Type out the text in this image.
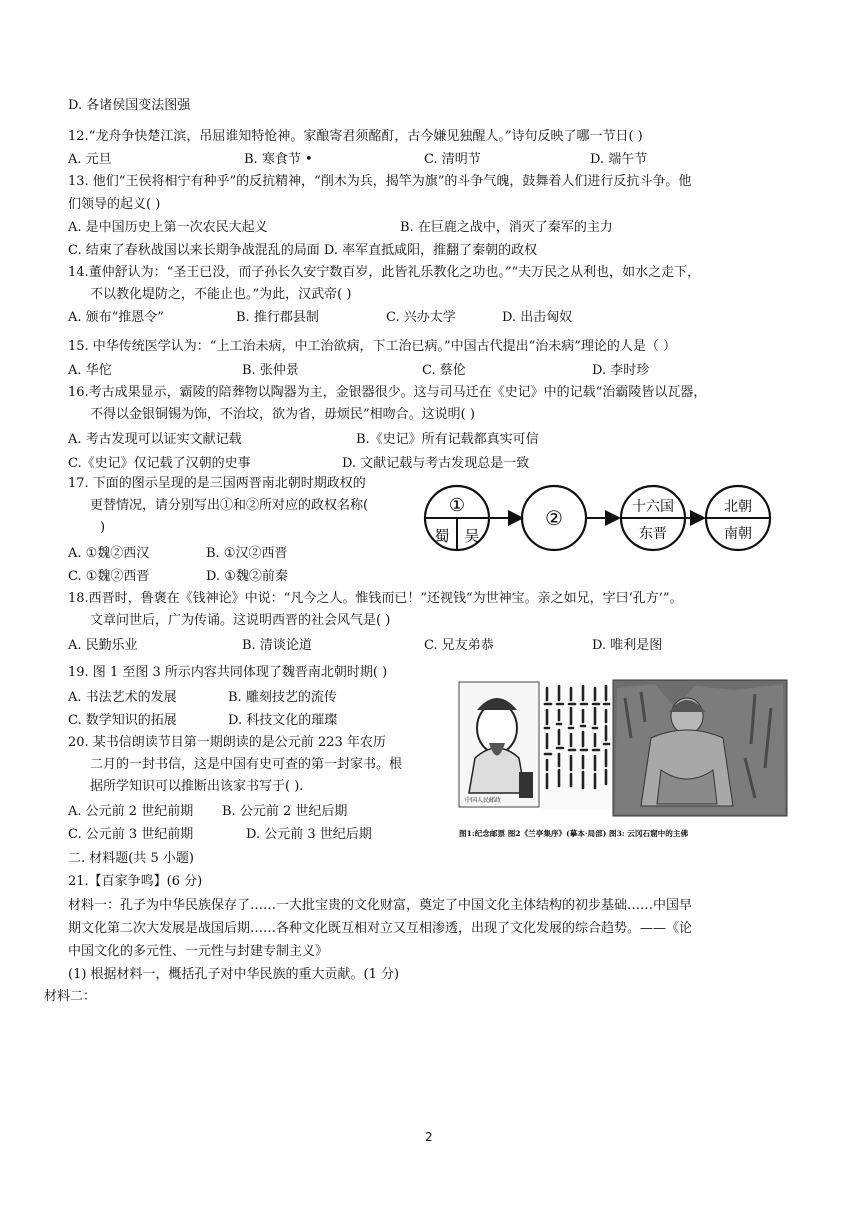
D. 各诸侯国变法图强
12.“龙舟争快楚江滨，吊屈谁知特怆神。家酿寄君须酩酊，古今嫌见独醒人。”诗句反映了哪一节日( )
A. 元旦	B. 寒食节 •	C. 清明节	D. 端午节
13. 他们“王侯将相宁有种乎”的反抗精神，“削木为兵，揭竿为旗”的斗争气魄，鼓舞着人们进行反抗斗争。他
们领导的起义( )
A. 是中国历史上第一次农民大起义	B. 在巨鹿之战中，消灭了秦军的主力
C. 结束了春秋战国以来长期争战混乱的局面 D. 率军直抵咸阳，推翻了秦朝的政权
14.董仲舒认为：“圣王已没，而子孙长久安宁数百岁，此皆礼乐教化之功也。”“夫万民之从利也，如水之走下，
不以教化堤防之，不能止也。”为此，汉武帝( )
A. 颁布“推恩令”	B. 推行郡县制	C. 兴办太学	D. 出击匈奴
15. 中华传统医学认为：“上工治未病，中工治欲病，下工治已病。”中国古代提出“治未病”理论的人是（ ）
A. 华佗	B. 张仲景	C. 蔡伦	D. 李时珍
16.考古成果显示，霸陵的陪葬物以陶器为主，金银器很少。这与司马迁在《史记》中的记载“治霸陵皆以瓦器，
不得以金银铜锡为饰，不治坟，欲为省，毋烦民”相吻合。这说明( )
A. 考古发现可以证实文献记载	B.《史记》所有记载都真实可信
C.《史记》仅记载了汉朝的史事	D. 文献记载与考古发现总是一致
17. 下面的图示呈现的是三国两晋南北朝时期政权的
更替情况，请分别写出①和②所对应的政权名称(
)
①
蜀 吴
②	十六国
东晋
北朝
南朝
A. ①魏②西汉	B. ①汉②西晋
C. ①魏②西晋	D. ①魏②前秦
18.西晋时，鲁褒在《钱神论》中说：“凡今之人。惟钱而已！”还视钱“为世神宝。亲之如兄，字曰‘孔方’”。
文章问世后，广为传诵。这说明西晋的社会风气是( )
A. 民勤乐业	B. 清谈论道	C. 兄友弟恭	D. 唯利是图
19. 图 1 至图 3 所示内容共同体现了魏晋南北朝时期( )
A. 书法艺术的发展	B. 雕刻技艺的流传
C. 数学知识的拓展	D. 科技文化的璀璨
中国人民邮政
图1:纪念邮票 图2《兰亭集序》(摹本·局部) 图3: 云冈石窟中的主佛
20. 某书信朗读节目第一期朗读的是公元前 223 年农历
二月的一封书信，这是中国有史可查的第一封家书。根
据所学知识可以推断出该家书写于( ).
A. 公元前 2 世纪前期 B. 公元前 2 世纪后期
C. 公元前 3 世纪前期	D. 公元前 3 世纪后期
二. 材料题(共 5 小题)
21.【百家争鸣】(6 分)
材料一：孔子为中华民族保存了……一大批宝贵的文化财富，奠定了中国文化主体结构的初步基础……中国早
期文化第二次大发展是战国后期……各种文化既互相对立又互相渗透，出现了文化发展的综合趋势。——《论
中国文化的多元性、一元性与封建专制主义》
(1) 根据材料一，概括孔子对中华民族的重大贡献。(1 分)
材料二：
2
